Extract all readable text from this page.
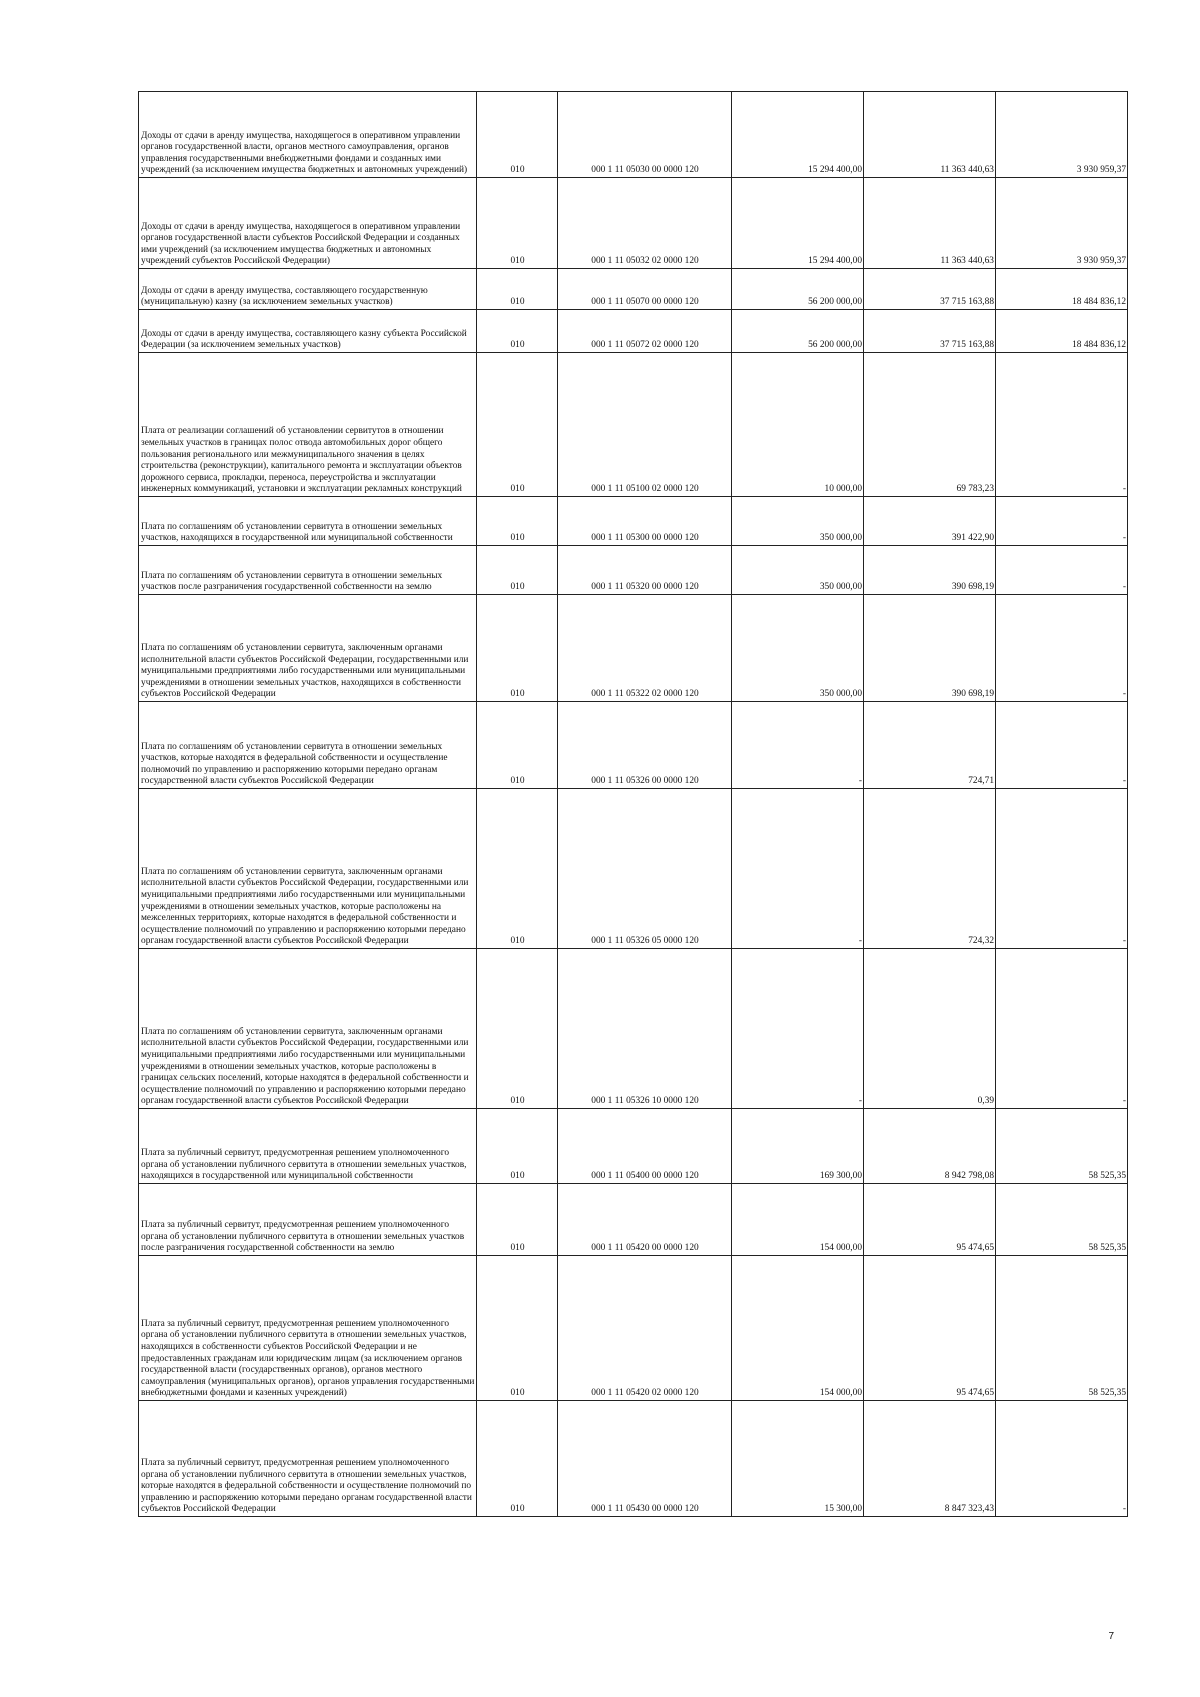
Доходы от сдачи в аренду имущества, находящегося в оперативном управлении органов государственной власти, органов местного самоуправления, органов управления государственными внебюджетными фондами и созданных ими учреждений (за исключением имущества бюджетных и автономных учреждений)	010	000 1 11 05030 00 0000 120	15 294 400,00	11 363 440,63	3 930 959,37

Доходы от сдачи в аренду имущества, находящегося в оперативном управлении органов государственной власти субъектов Российской Федерации и созданных ими учреждений (за исключением имущества бюджетных и автономных учреждений субъектов Российской Федерации)	010	000 1 11 05032 02 0000 120	15 294 400,00	11 363 440,63	3 930 959,37

Доходы от сдачи в аренду имущества, составляющего государственную (муниципальную) казну (за исключением земельных участков)	010	000 1 11 05070 00 0000 120	56 200 000,00	37 715 163,88	18 484 836,12

Доходы от сдачи в аренду имущества, составляющего казну субъекта Российской Федерации (за исключением земельных участков)	010	000 1 11 05072 02 0000 120	56 200 000,00	37 715 163,88	18 484 836,12

Плата от реализации соглашений об установлении сервитутов в отношении земельных участков в границах полос отвода автомобильных дорог общего пользования регионального или межмуниципального значения в целях строительства (реконструкции), капитального ремонта и эксплуатации объектов дорожного сервиса, прокладки, переноса, переустройства и эксплуатации инженерных коммуникаций, установки и эксплуатации рекламных конструкций	010	000 1 11 05100 02 0000 120	10 000,00	69 783,23	-

Плата по соглашениям об установлении сервитута в отношении земельных участков, находящихся в государственной или муниципальной собственности	010	000 1 11 05300 00 0000 120	350 000,00	391 422,90	-

Плата по соглашениям об установлении сервитута в отношении земельных участков после разграничения государственной собственности на землю	010	000 1 11 05320 00 0000 120	350 000,00	390 698,19	-

Плата по соглашениям об установлении сервитута, заключенным органами исполнительной власти субъектов Российской Федерации, государственными или муниципальными предприятиями либо государственными или муниципальными учреждениями в отношении земельных участков, находящихся в собственности субъектов Российской Федерации	010	000 1 11 05322 02 0000 120	350 000,00	390 698,19	-

Плата по соглашениям об установлении сервитута в отношении земельных участков, которые находятся в федеральной собственности и осуществление полномочий по управлению и распоряжению которыми передано органам государственной власти субъектов Российской Федерации	010	000 1 11 05326 00 0000 120	-	724,71	-

Плата по соглашениям об установлении сервитута, заключенным органами исполнительной власти субъектов Российской Федерации, государственными или муниципальными предприятиями либо государственными или муниципальными учреждениями в отношении земельных участков, которые расположены на межселенных территориях, которые находятся в федеральной собственности и осуществление полномочий по управлению и распоряжению которыми передано органам государственной власти субъектов Российской Федерации	010	000 1 11 05326 05 0000 120	-	724,32	-

Плата по соглашениям об установлении сервитута, заключенным органами исполнительной власти субъектов Российской Федерации, государственными или муниципальными предприятиями либо государственными или муниципальными учреждениями в отношении земельных участков, которые расположены в границах сельских поселений, которые находятся в федеральной собственности и осуществление полномочий по управлению и распоряжению которыми передано органам государственной власти субъектов Российской Федерации	010	000 1 11 05326 10 0000 120	-	0,39	-

Плата за публичный сервитут, предусмотренная решением уполномоченного органа об установлении публичного сервитута в отношении земельных участков, находящихся в государственной или муниципальной собственности	010	000 1 11 05400 00 0000 120	169 300,00	8 942 798,08	58 525,35

Плата за публичный сервитут, предусмотренная решением уполномоченного органа об установлении публичного сервитута в отношении земельных участков после разграничения государственной собственности на землю	010	000 1 11 05420 00 0000 120	154 000,00	95 474,65	58 525,35

Плата за публичный сервитут, предусмотренная решением уполномоченного органа об установлении публичного сервитута в отношении земельных участков, находящихся в собственности субъектов Российской Федерации и не предоставленных гражданам или юридическим лицам (за исключением органов государственной власти (государственных органов), органов местного самоуправления (муниципальных органов), органов управления государственными внебюджетными фондами и казенных учреждений)	010	000 1 11 05420 02 0000 120	154 000,00	95 474,65	58 525,35

Плата за публичный сервитут, предусмотренная решением уполномоченного органа об установлении публичного сервитута в отношении земельных участков, которые находятся в федеральной собственности и осуществление полномочий по управлению и распоряжению которыми передано органам государственной власти субъектов Российской Федерации	010	000 1 11 05430 00 0000 120	15 300,00	8 847 323,43	-
7
